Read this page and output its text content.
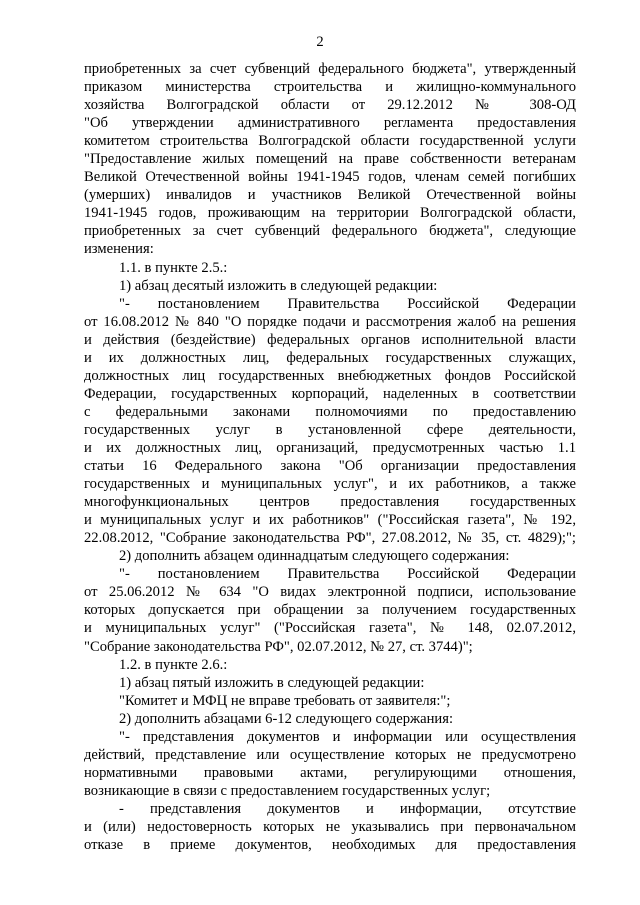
2
приобретенных за счет субвенций федерального бюджета", утвержденный
приказом министерства строительства и жилищно-коммунального
хозяйства Волгоградской области от 29.12.2012 № 308-ОД
"Об утверждении административного регламента предоставления
комитетом строительства Волгоградской области государственной услуги
"Предоставление жилых помещений на праве собственности ветеранам
Великой Отечественной войны 1941-1945 годов, членам семей погибших
(умерших) инвалидов и участников Великой Отечественной войны
1941-1945 годов, проживающим на территории Волгоградской области,
приобретенных за счет субвенций федерального бюджета", следующие
изменения:
1.1. в пункте 2.5.:
1) абзац десятый изложить в следующей редакции:
"- постановлением Правительства Российской Федерации
от 16.08.2012 № 840 "О порядке подачи и рассмотрения жалоб на решения
и действия (бездействие) федеральных органов исполнительной власти
и их должностных лиц, федеральных государственных служащих,
должностных лиц государственных внебюджетных фондов Российской
Федерации, государственных корпораций, наделенных в соответствии
с федеральными законами полномочиями по предоставлению
государственных услуг в установленной сфере деятельности,
и их должностных лиц, организаций, предусмотренных частью 1.1
статьи 16 Федерального закона "Об организации предоставления
государственных и муниципальных услуг", и их работников, а также
многофункциональных центров предоставления государственных
и муниципальных услуг и их работников" ("Российская газета", № 192,
22.08.2012, "Собрание законодательства РФ", 27.08.2012, № 35, ст. 4829);";
2) дополнить абзацем одиннадцатым следующего содержания:
"- постановлением Правительства Российской Федерации
от 25.06.2012 № 634 "О видах электронной подписи, использование
которых допускается при обращении за получением государственных
и муниципальных услуг" ("Российская газета", № 148, 02.07.2012,
"Собрание законодательства РФ", 02.07.2012, № 27, ст. 3744)";
1.2. в пункте 2.6.:
1) абзац пятый изложить в следующей редакции:
"Комитет и МФЦ не вправе требовать от заявителя:";
2) дополнить абзацами 6-12 следующего содержания:
"- представления документов и информации или осуществления
действий, представление или осуществление которых не предусмотрено
нормативными правовыми актами, регулирующими отношения,
возникающие в связи с предоставлением государственных услуг;
- представления документов и информации, отсутствие
и (или) недостоверность которых не указывались при первоначальном
отказе в приеме документов, необходимых для предоставления
